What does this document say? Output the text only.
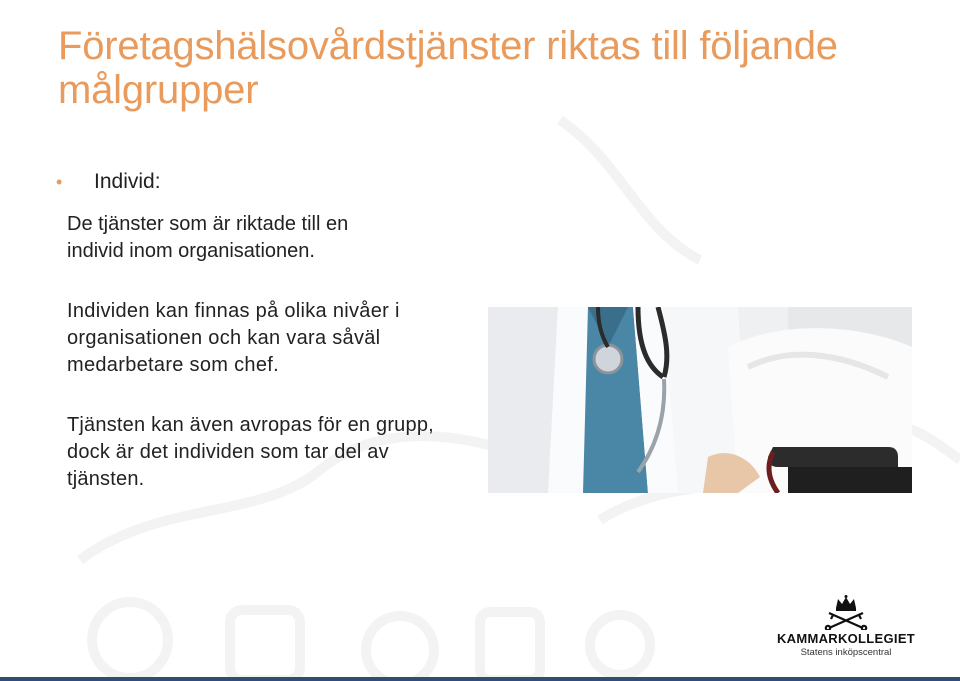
Företagshälsovårdstjänster riktas till följande målgrupper
•	Individ:

De tjänster som är riktade till en individ inom organisationen.

Individen kan finnas på olika nivåer i organisationen och kan vara såväl medarbetare som chef.

Tjänsten kan även avropas för en grupp, dock är det individen som tar del av tjänsten.

KAMMARKOLLEGIET
Statens inköpscentral
